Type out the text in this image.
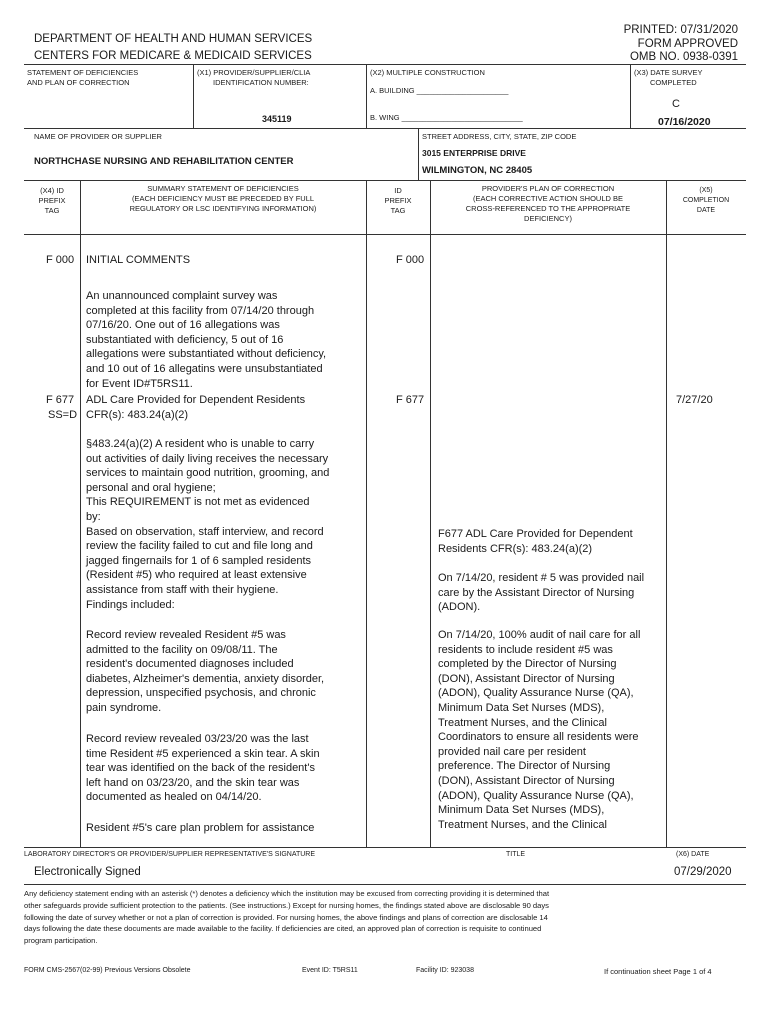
DEPARTMENT OF HEALTH AND HUMAN SERVICES
CENTERS FOR MEDICARE & MEDICAID SERVICES
PRINTED: 07/31/2020
FORM APPROVED
OMB NO. 0938-0391
STATEMENT OF DEFICIENCIES
AND PLAN OF CORRECTION
(X1) PROVIDER/SUPPLIER/CLIA
IDENTIFICATION NUMBER:
345119
(X2) MULTIPLE CONSTRUCTION
A. BUILDING ______________________
B. WING _____________________________
(X3) DATE SURVEY
COMPLETED
C
07/16/2020
NAME OF PROVIDER OR SUPPLIER
NORTHCHASE NURSING AND REHABILITATION CENTER
STREET ADDRESS, CITY, STATE, ZIP CODE
3015 ENTERPRISE DRIVE
WILMINGTON, NC 28405
(X4) ID
PREFIX
TAG
SUMMARY STATEMENT OF DEFICIENCIES
(EACH DEFICIENCY MUST BE PRECEDED BY FULL
REGULATORY OR LSC IDENTIFYING INFORMATION)
ID
PREFIX
TAG
PROVIDER'S PLAN OF CORRECTION
(EACH CORRECTIVE ACTION SHOULD BE
CROSS-REFERENCED TO THE APPROPRIATE
DEFICIENCY)
(X5)
COMPLETION
DATE
F 000 INITIAL COMMENTS	F 000
An unannounced complaint survey was
completed at this facility from 07/14/20 through
07/16/20. One out of 16 allegations was
substantiated with deficiency, 5 out of 16
allegations were substantiated without deficiency,
and 10 out of 16 allegatins were unsubstantiated
for Event ID#T5RS11.
F 677
SS=D
ADL Care Provided for Dependent Residents
CFR(s): 483.24(a)(2)
F 677	7/27/20
§483.24(a)(2) A resident who is unable to carry
out activities of daily living receives the necessary
services to maintain good nutrition, grooming, and
personal and oral hygiene;
This REQUIREMENT is not met as evidenced
by:
Based on observation, staff interview, and record
review the facility failed to cut and file long and
jagged fingernails for 1 of 6 sampled residents
(Resident #5) who required at least extensive
assistance from staff with their hygiene.
Findings included:
Record review revealed Resident #5 was
admitted to the facility on 09/08/11. The
resident's documented diagnoses included
diabetes, Alzheimer's dementia, anxiety disorder,
depression, unspecified psychosis, and chronic
pain syndrome.
Record review revealed 03/23/20 was the last
time Resident #5 experienced a skin tear. A skin
tear was identified on the back of the resident's
left hand on 03/23/20, and the skin tear was
documented as healed on 04/14/20.
Resident #5's care plan problem for assistance
F677 ADL Care Provided for Dependent
Residents CFR(s): 483.24(a)(2)
On 7/14/20, resident # 5 was provided nail
care by the Assistant Director of Nursing
(ADON).
On 7/14/20, 100% audit of nail care for all
residents to include resident #5 was
completed by the Director of Nursing
(DON), Assistant Director of Nursing
(ADON), Quality Assurance Nurse (QA),
Minimum Data Set Nurses (MDS),
Treatment Nurses, and the Clinical
Coordinators to ensure all residents were
provided nail care per resident
preference. The Director of Nursing
(DON), Assistant Director of Nursing
(ADON), Quality Assurance Nurse (QA),
Minimum Data Set Nurses (MDS),
Treatment Nurses, and the Clinical
LABORATORY DIRECTOR'S OR PROVIDER/SUPPLIER REPRESENTATIVE'S SIGNATURE	TITLE	(X6) DATE
Electronically Signed	07/29/2020
Any deficiency statement ending with an asterisk (*) denotes a deficiency which the institution may be excused from correcting providing it is determined that
other safeguards provide sufficient protection to the patients. (See instructions.) Except for nursing homes, the findings stated above are disclosable 90 days
following the date of survey whether or not a plan of correction is provided. For nursing homes, the above findings and plans of correction are disclosable 14
days following the date these documents are made available to the facility. If deficiencies are cited, an approved plan of correction is requisite to continued
program participation.
FORM CMS-2567(02-99) Previous Versions Obsolete	Event ID: T5RS11	Facility ID: 923038	If continuation sheet Page 1 of 4
